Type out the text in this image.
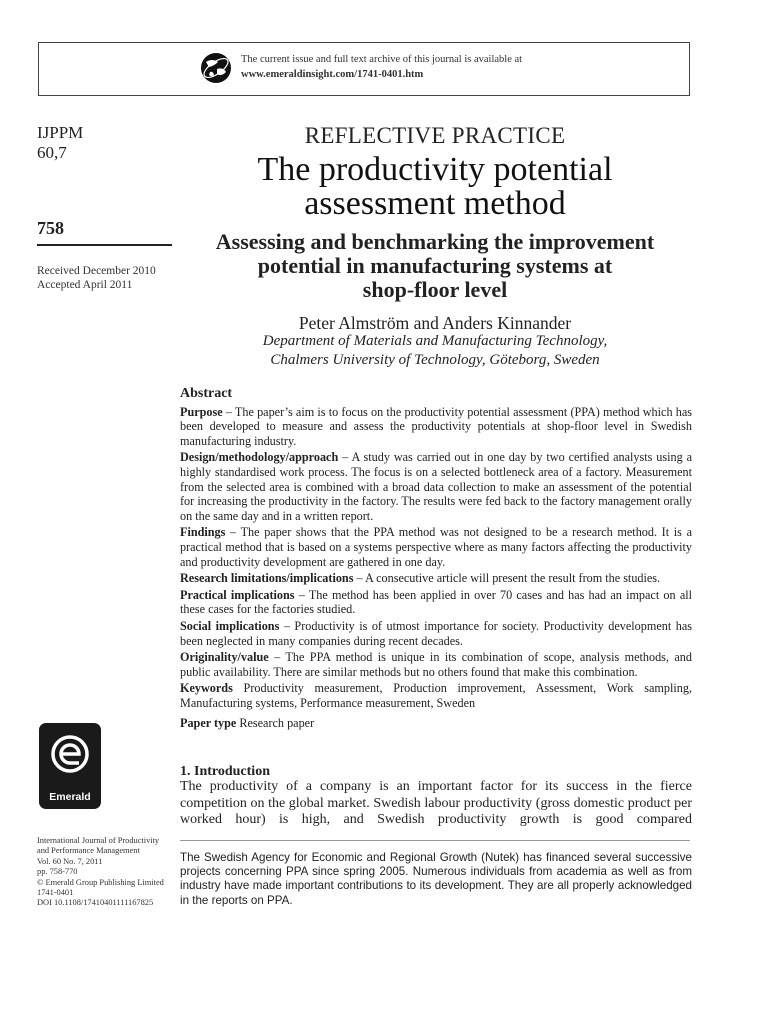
The current issue and full text archive of this journal is available at
www.emeraldinsight.com/1741-0401.htm
IJPPM
60,7
758
Received December 2010
Accepted April 2011
REFLECTIVE PRACTICE
The productivity potential
assessment method
Assessing and benchmarking the improvement
potential in manufacturing systems at
shop-floor level
Peter Almström and Anders Kinnander
Department of Materials and Manufacturing Technology,
Chalmers University of Technology, Göteborg, Sweden
Abstract

Purpose – The paper’s aim is to focus on the productivity potential assessment (PPA) method which has been developed to measure and assess the productivity potentials at shop-floor level in Swedish manufacturing industry.

Design/methodology/approach – A study was carried out in one day by two certified analysts using a highly standardised work process. The focus is on a selected bottleneck area of a factory. Measurement from the selected area is combined with a broad data collection to make an assessment of the potential for increasing the productivity in the factory. The results were fed back to the factory management orally on the same day and in a written report.

Findings – The paper shows that the PPA method was not designed to be a research method. It is a practical method that is based on a systems perspective where as many factors affecting the productivity and productivity development are gathered in one day.

Research limitations/implications – A consecutive article will present the result from the studies.

Practical implications – The method has been applied in over 70 cases and has had an impact on all these cases for the factories studied.

Social implications – Productivity is of utmost importance for society. Productivity development has been neglected in many companies during recent decades.

Originality/value – The PPA method is unique in its combination of scope, analysis methods, and public availability. There are similar methods but no others found that make this combination.

Keywords Productivity measurement, Production improvement, Assessment, Work sampling, Manufacturing systems, Performance measurement, Sweden

Paper type Research paper

Emerald
International Journal of Productivity
and Performance Management
Vol. 60 No. 7, 2011
pp. 758-770
© Emerald Group Publishing Limited
1741-0401
DOI 10.1108/17410401111167825
1. Introduction

The productivity of a company is an important factor for its success in the fierce competition on the global market. Swedish labour productivity (gross domestic product per worked hour) is high, and Swedish productivity growth is good compared

The Swedish Agency for Economic and Regional Growth (Nutek) has financed several successive projects concerning PPA since spring 2005. Numerous individuals from academia as well as from industry have made important contributions to its development. They are all properly acknowledged in the reports on PPA.
